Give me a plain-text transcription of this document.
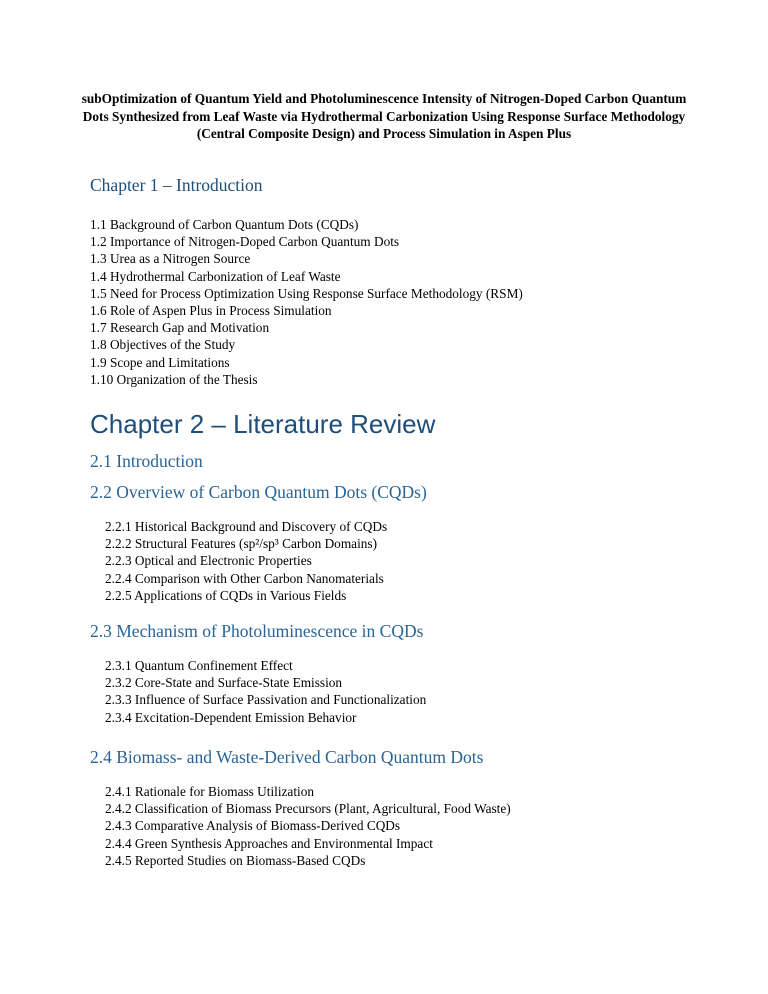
subOptimization of Quantum Yield and Photoluminescence Intensity of Nitrogen-Doped Carbon Quantum Dots Synthesized from Leaf Waste via Hydrothermal Carbonization Using Response Surface Methodology (Central Composite Design) and Process Simulation in Aspen Plus
Chapter 1 – Introduction
1.1 Background of Carbon Quantum Dots (CQDs)
1.2 Importance of Nitrogen-Doped Carbon Quantum Dots
1.3 Urea as a Nitrogen Source
1.4 Hydrothermal Carbonization of Leaf Waste
1.5 Need for Process Optimization Using Response Surface Methodology (RSM)
1.6 Role of Aspen Plus in Process Simulation
1.7 Research Gap and Motivation
1.8 Objectives of the Study
1.9 Scope and Limitations
1.10 Organization of the Thesis
Chapter 2 – Literature Review
2.1 Introduction
2.2 Overview of Carbon Quantum Dots (CQDs)
2.2.1 Historical Background and Discovery of CQDs
2.2.2 Structural Features (sp²/sp³ Carbon Domains)
2.2.3 Optical and Electronic Properties
2.2.4 Comparison with Other Carbon Nanomaterials
2.2.5 Applications of CQDs in Various Fields
2.3 Mechanism of Photoluminescence in CQDs
2.3.1 Quantum Confinement Effect
2.3.2 Core-State and Surface-State Emission
2.3.3 Influence of Surface Passivation and Functionalization
2.3.4 Excitation-Dependent Emission Behavior
2.4 Biomass- and Waste-Derived Carbon Quantum Dots
2.4.1 Rationale for Biomass Utilization
2.4.2 Classification of Biomass Precursors (Plant, Agricultural, Food Waste)
2.4.3 Comparative Analysis of Biomass-Derived CQDs
2.4.4 Green Synthesis Approaches and Environmental Impact
2.4.5 Reported Studies on Biomass-Based CQDs
